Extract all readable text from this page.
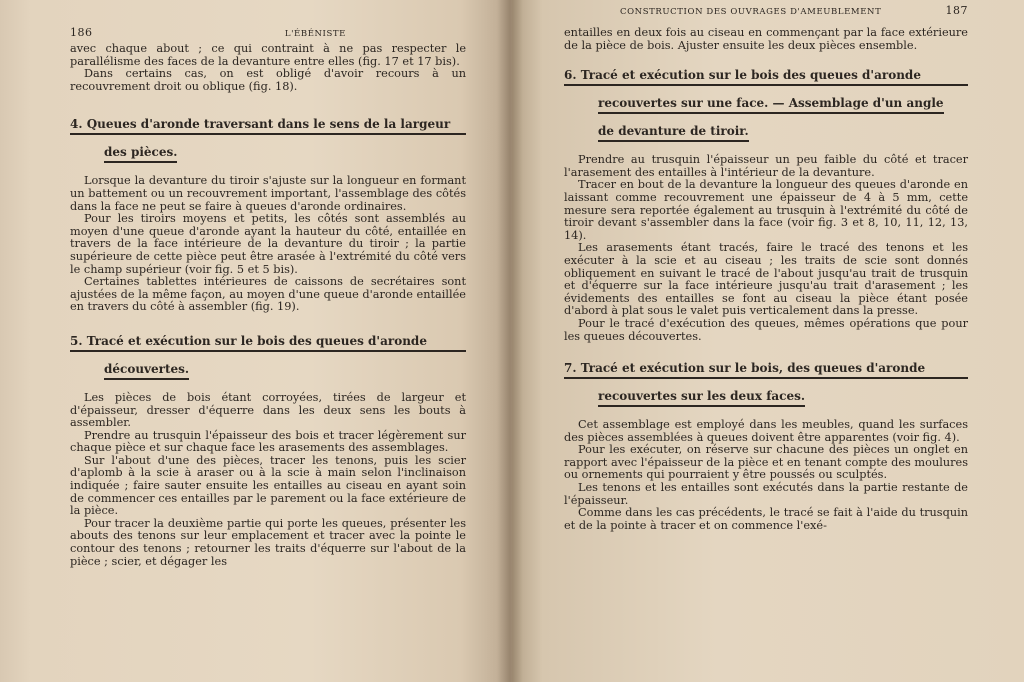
186	L'ÉBÉNISTE

avec chaque about ; ce qui contraint à ne pas respecter le parallélisme des faces de la devanture entre elles (fig. 17 et 17 bis).

Dans certains cas, on est obligé d'avoir recours à un recouvrement droit ou oblique (fig. 18).

4. Queues d'aronde traversant dans le sens de la largeur
des pièces.

Lorsque la devanture du tiroir s'ajuste sur la longueur en formant un battement ou un recouvrement important, l'assemblage des côtés dans la face ne peut se faire à queues d'aronde ordinaires.

Pour les tiroirs moyens et petits, les côtés sont assemblés au moyen d'une queue d'aronde ayant la hauteur du côté, entaillée en travers de la face intérieure de la devanture du tiroir ; la partie supérieure de cette pièce peut être arasée à l'extrémité du côté vers le champ supérieur (voir fig. 5 et 5 bis).

Certaines tablettes intérieures de caissons de secrétaires sont ajustées de la même façon, au moyen d'une queue d'aronde entaillée en travers du côté à assembler (fig. 19).

5. Tracé et exécution sur le bois des queues d'aronde
découvertes.

Les pièces de bois étant corroyées, tirées de largeur et d'épaisseur, dresser d'équerre dans les deux sens les bouts à assembler.

Prendre au trusquin l'épaisseur des bois et tracer légèrement sur chaque pièce et sur chaque face les arasements des assemblages.

Sur l'about d'une des pièces, tracer les tenons, puis les scier d'aplomb à la scie à araser ou à la scie à main selon l'inclinaison indiquée ; faire sauter ensuite les entailles au ciseau en ayant soin de commencer ces entailles par le parement ou la face extérieure de la pièce.

Pour tracer la deuxième partie qui porte les queues, présenter les abouts des tenons sur leur emplacement et tracer avec la pointe le contour des tenons ; retourner les traits d'équerre sur l'about de la pièce ; scier, et dégager les

CONSTRUCTION DES OUVRAGES D'AMEUBLEMENT	187

entailles en deux fois au ciseau en commençant par la face extérieure de la pièce de bois. Ajuster ensuite les deux pièces ensemble.

6. Tracé et exécution sur le bois des queues d'aronde
recouvertes sur une face. — Assemblage d'un angle
de devanture de tiroir.

Prendre au trusquin l'épaisseur un peu faible du côté et tracer l'arasement des entailles à l'intérieur de la devanture.

Tracer en bout de la devanture la longueur des queues d'aronde en laissant comme recouvrement une épaisseur de 4 à 5 mm, cette mesure sera reportée également au trusquin à l'extrémité du côté de tiroir devant s'assembler dans la face (voir fig. 3 et 8, 10, 11, 12, 13, 14).

Les arasements étant tracés, faire le tracé des tenons et les exécuter à la scie et au ciseau ; les traits de scie sont donnés obliquement en suivant le tracé de l'about jusqu'au trait de trusquin et d'équerre sur la face intérieure jusqu'au trait d'arasement ; les évidements des entailles se font au ciseau la pièce étant posée d'abord à plat sous le valet puis verticalement dans la presse.

Pour le tracé d'exécution des queues, mêmes opérations que pour les queues découvertes.

7. Tracé et exécution sur le bois, des queues d'aronde
recouvertes sur les deux faces.

Cet assemblage est employé dans les meubles, quand les surfaces des pièces assemblées à queues doivent être apparentes (voir fig. 4).

Pour les exécuter, on réserve sur chacune des pièces un onglet en rapport avec l'épaisseur de la pièce et en tenant compte des moulures ou ornements qui pourraient y être poussés ou sculptés.

Les tenons et les entailles sont exécutés dans la partie restante de l'épaisseur.

Comme dans les cas précédents, le tracé se fait à l'aide du trusquin et de la pointe à tracer et on commence l'exé-
